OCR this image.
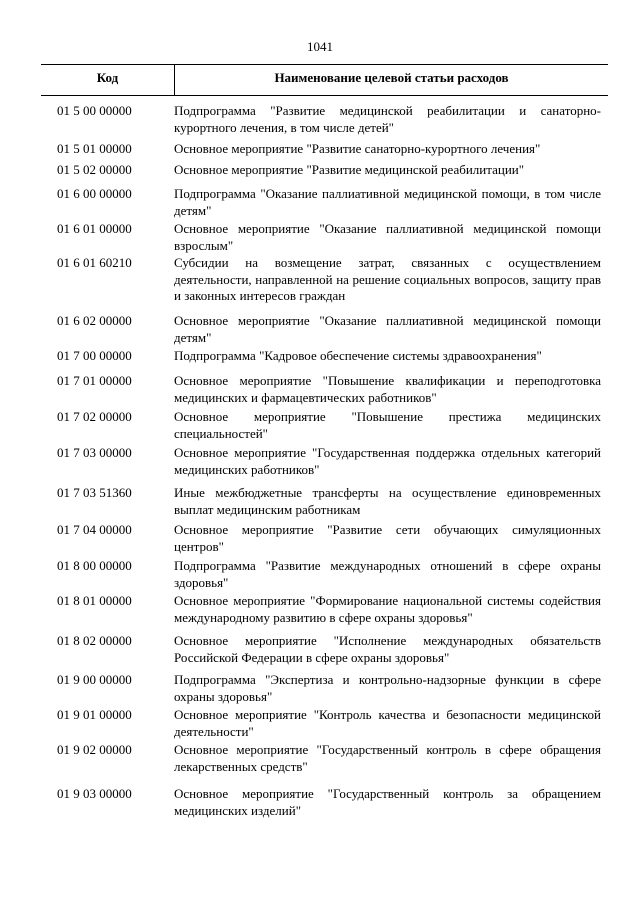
1041
Код	Наименование целевой статьи расходов
01 5 00 00000	Подпрограмма "Развитие медицинской реабилитации и санаторно-курортного лечения, в том числе детей"
01 5 01 00000	Основное мероприятие "Развитие санаторно-курортного лечения"
01 5 02 00000	Основное мероприятие "Развитие медицинской реабилитации"
01 6 00 00000	Подпрограмма "Оказание паллиативной медицинской помощи, в том числе детям"
01 6 01 00000	Основное мероприятие "Оказание паллиативной медицинской помощи взрослым"
01 6 01 60210	Субсидии на возмещение затрат, связанных с осуществлением деятельности, направленной на решение социальных вопросов, защиту прав и законных интересов граждан
01 6 02 00000	Основное мероприятие "Оказание паллиативной медицинской помощи детям"
01 7 00 00000	Подпрограмма "Кадровое обеспечение системы здравоохранения"
01 7 01 00000	Основное мероприятие "Повышение квалификации и переподготовка медицинских и фармацевтических работников"
01 7 02 00000	Основное мероприятие "Повышение престижа медицинских специальностей"
01 7 03 00000	Основное мероприятие "Государственная поддержка отдельных категорий медицинских работников"
01 7 03 51360	Иные межбюджетные трансферты на осуществление единовременных выплат медицинским работникам
01 7 04 00000	Основное мероприятие "Развитие сети обучающих симуляционных центров"
01 8 00 00000	Подпрограмма "Развитие международных отношений в сфере охраны здоровья"
01 8 01 00000	Основное мероприятие "Формирование национальной системы содействия международному развитию в сфере охраны здоровья"
01 8 02 00000	Основное мероприятие "Исполнение международных обязательств Российской Федерации в сфере охраны здоровья"
01 9 00 00000	Подпрограмма "Экспертиза и контрольно-надзорные функции в сфере охраны здоровья"
01 9 01 00000	Основное мероприятие "Контроль качества и безопасности медицинской деятельности"
01 9 02 00000	Основное мероприятие "Государственный контроль в сфере обращения лекарственных средств"
01 9 03 00000	Основное мероприятие "Государственный контроль за обращением медицинских изделий"
